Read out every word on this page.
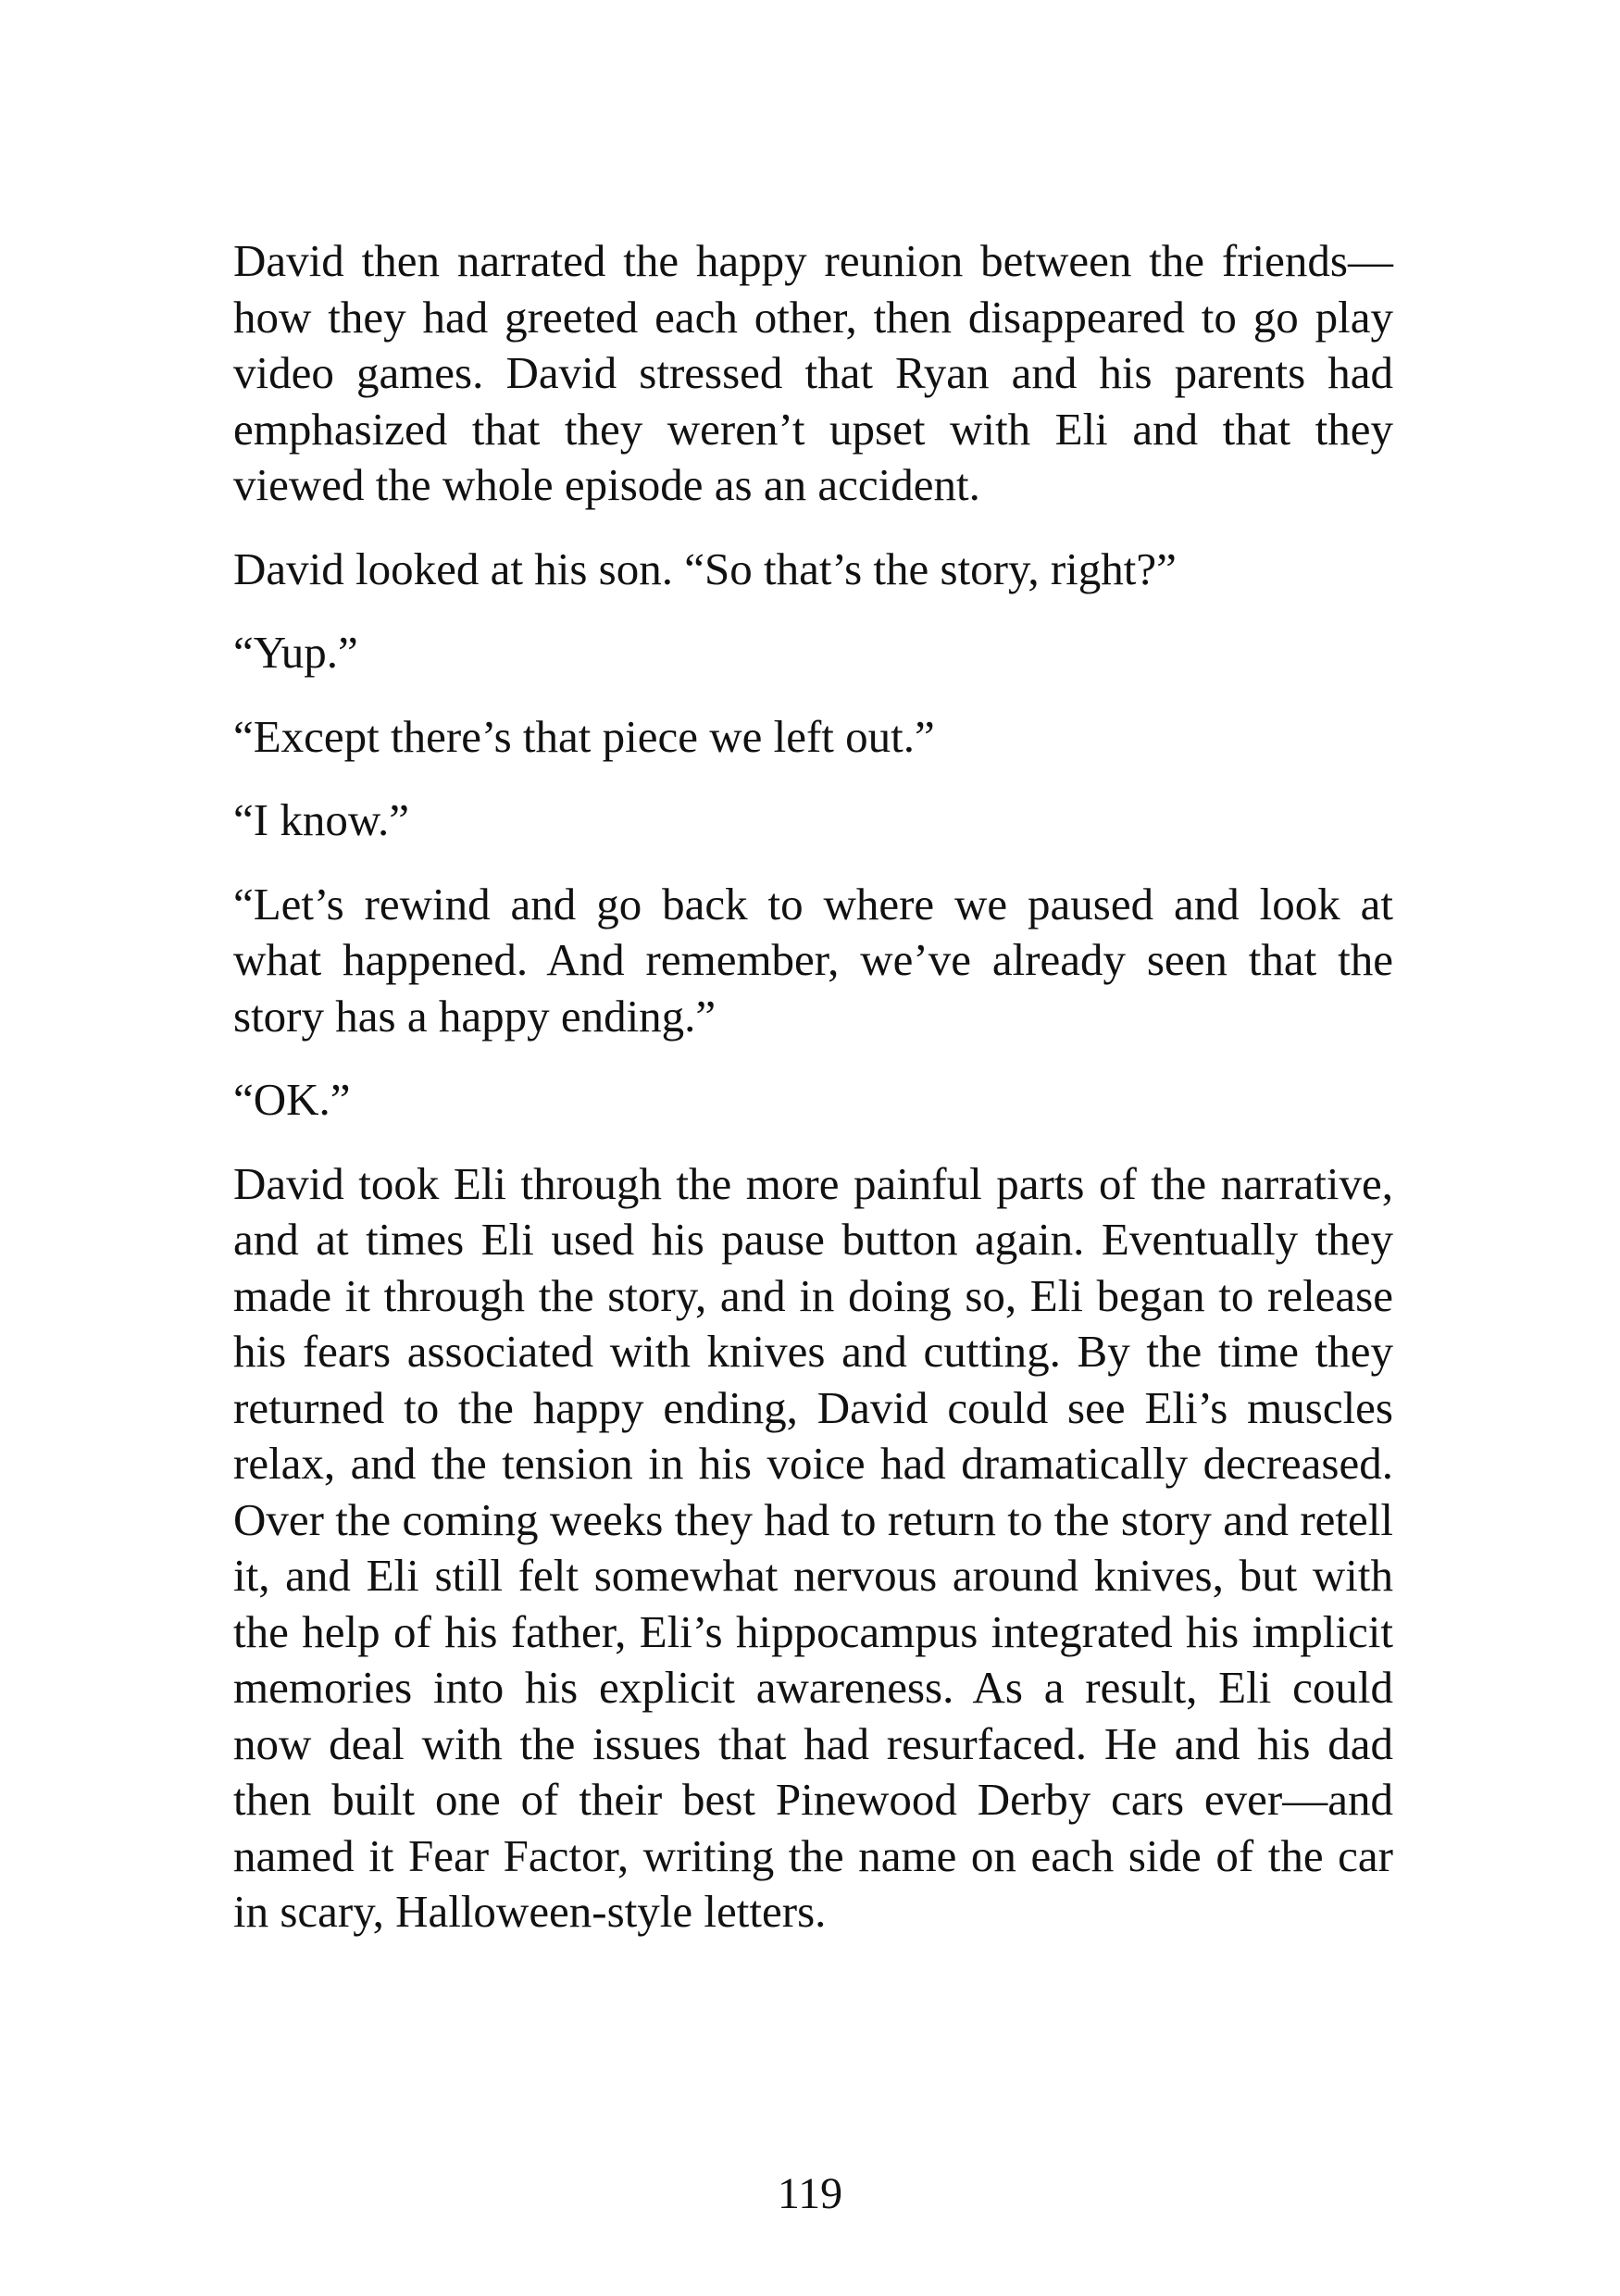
David then narrated the happy reunion between the friends—how they had greeted each other, then disappeared to go play video games. David stressed that Ryan and his parents had emphasized that they weren’t upset with Eli and that they viewed the whole episode as an accident.

David looked at his son. “So that’s the story, right?”

“Yup.”

“Except there’s that piece we left out.”

“I know.”

“Let’s rewind and go back to where we paused and look at what happened. And remember, we’ve already seen that the story has a happy ending.”

“OK.”

David took Eli through the more painful parts of the narrative, and at times Eli used his pause button again. Eventually they made it through the story, and in doing so, Eli began to release his fears associated with knives and cutting. By the time they returned to the happy ending, David could see Eli’s muscles relax, and the tension in his voice had dramatically decreased. Over the coming weeks they had to return to the story and retell it, and Eli still felt somewhat nervous around knives, but with the help of his father, Eli’s hippocampus integrated his implicit memories into his explicit awareness. As a result, Eli could now deal with the issues that had resurfaced. He and his dad then built one of their best Pinewood Derby cars ever—and named it Fear Factor, writing the name on each side of the car in scary, Halloween-style letters.

119
